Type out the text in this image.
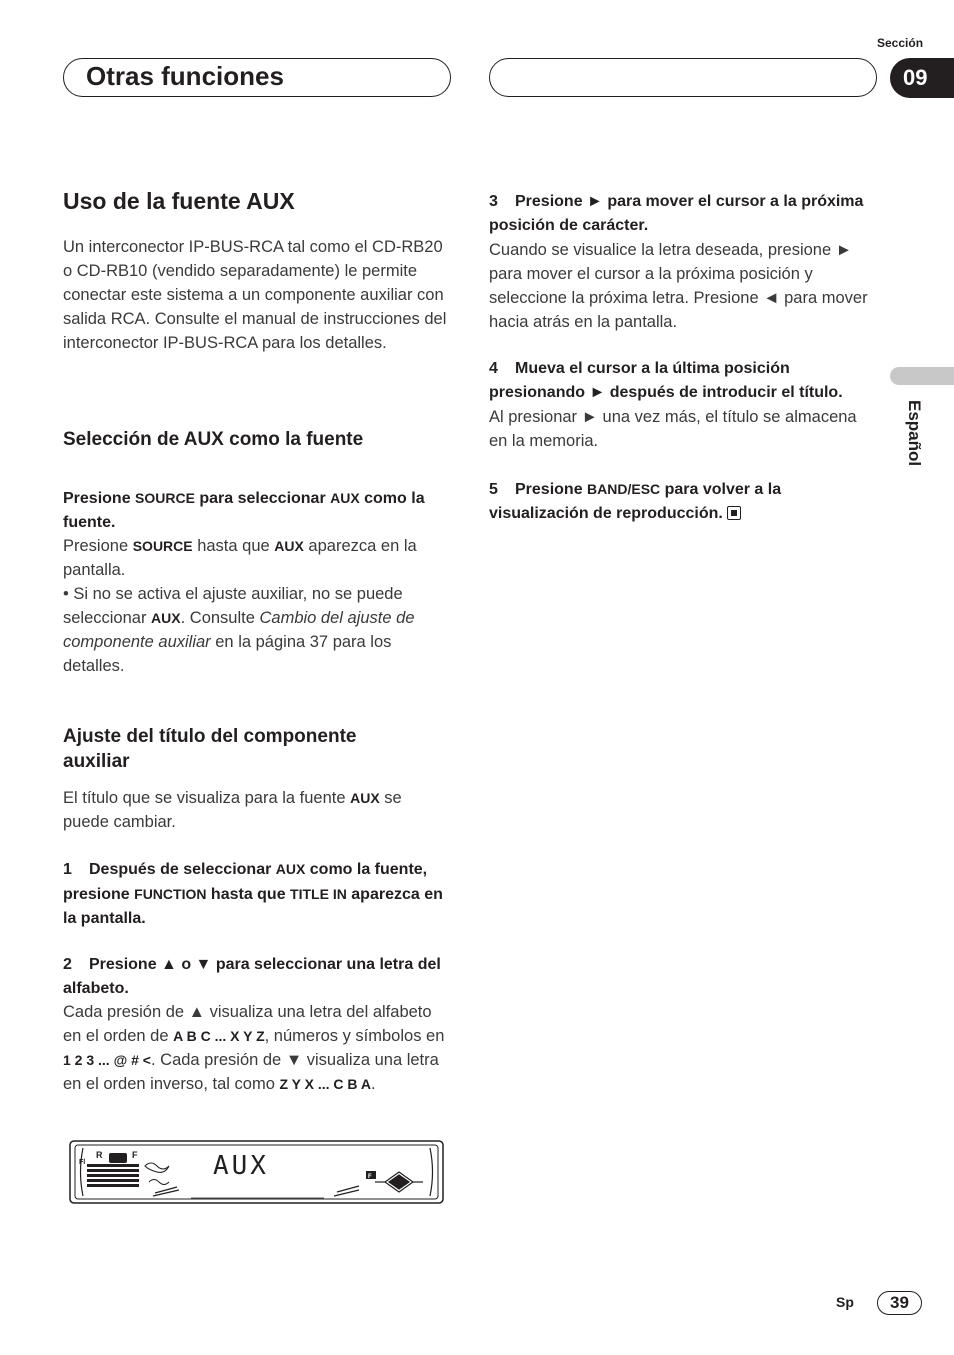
Sección
Otras funciones	09
Uso de la fuente AUX
Un interconector IP-BUS-RCA tal como el CD-RB20 o CD-RB10 (vendido separadamente) le permite conectar este sistema a un componente auxiliar con salida RCA. Consulte el manual de instrucciones del interconector IP-BUS-RCA para los detalles.
Selección de AUX como la fuente
Presione SOURCE para seleccionar AUX como la fuente.
Presione SOURCE hasta que AUX aparezca en la pantalla.
• Si no se activa el ajuste auxiliar, no se puede seleccionar AUX. Consulte Cambio del ajuste de componente auxiliar en la página 37 para los detalles.
Ajuste del título del componente auxiliar
El título que se visualiza para la fuente AUX se puede cambiar.
1 Después de seleccionar AUX como la fuente, presione FUNCTION hasta que TITLE IN aparezca en la pantalla.
2 Presione ▲ o ▼ para seleccionar una letra del alfabeto.
Cada presión de ▲ visualiza una letra del alfabeto en el orden de A B C ... X Y Z, números y símbolos en 1 2 3 ... @ # <. Cada presión de ▼ visualiza una letra en el orden inverso, tal como Z Y X ... C B A.
Fl
R	F	AUX	F
3 Presione ► para mover el cursor a la próxima posición de carácter.
Cuando se visualice la letra deseada, presione ► para mover el cursor a la próxima posición y seleccione la próxima letra. Presione ◄ para mover hacia atrás en la pantalla.
4 Mueva el cursor a la última posición presionando ► después de introducir el título.
Al presionar ► una vez más, el título se almacena en la memoria.
5 Presione BAND/ESC para volver a la visualización de reproducción.
Español
Sp	39
